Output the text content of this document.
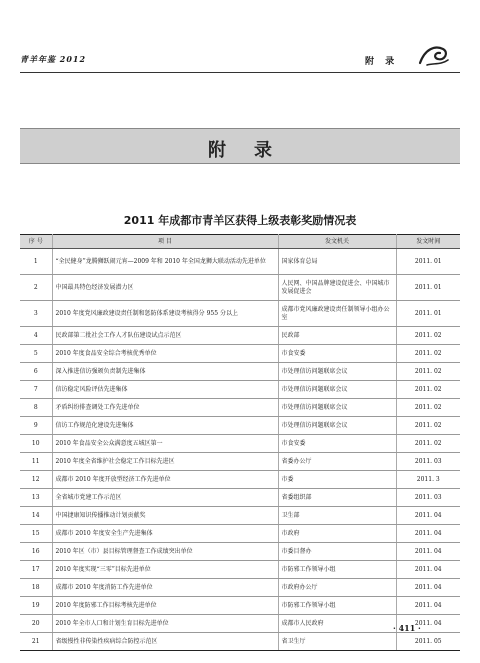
青羊年鉴 2012	附 录
附录
2011 年成都市青羊区获得上级表彰奖励情况表
序 号	项 目	发文机关	发文时间
1	“全民健身”龙腾狮跃闹元宵—2009 年和 2010 年全国龙狮大联动活动先进单位	国家体育总局	2011. 01
2	中国最具特色经济发展潜力区	人民网、中国品牌建设促进会、中国城市发展促进会	2011. 01
3	2010 年度党风廉政建设责任制和惩防体系建设考核得分 955 分以上	成都市党风廉政建设责任制领导小组办公室	2011. 01
4	民政部第二批社会工作人才队伍建设试点示范区	民政部	2011. 02
5	2010 年度食品安全综合考核优秀单位	市食安委	2011. 02
6	深入推进信访强颁负责制先进集体	市处理信访问题联席会议	2011. 02
7	信访稳定风险评估先进集体	市处理信访问题联席会议	2011. 02
8	矛盾纠纷排查调处工作先进单位	市处理信访问题联席会议	2011. 02
9	信访工作规范化建设先进集体	市处理信访问题联席会议	2011. 02
10	2010 年食品安全公众满意度五城区第一	市食安委	2011. 02
11	2010 年度全省维护社会稳定工作目标先进区	省委办公厅	2011. 03
12	成都市 2010 年度开放型经济工作先进单位	市委	2011. 3
13	全省城市党建工作示范区	省委组织部	2011. 03
14	中国捷康知识传播推动计划贡献奖	卫生部	2011. 04
15	成都市 2010 年度安全生产先进集体	市政府	2011. 04
16	2010 年区（市）县目标管理督查工作成绩突出单位	市委目督办	2011. 04
17	2010 年度实现“三零”目标先进单位	市防邪工作领导小组	2011. 04
18	成都市 2010 年度消防工作先进单位	市政府办公厅	2011. 04
19	2010 年度防邪工作目标考核先进单位	市防邪工作领导小组	2011. 04
20	2010 年全市人口和计划生育目标先进单位	成都市人民政府	2011. 04
21	省级慢性非传染性疾病综合防控示范区	省卫生厅	2011. 05
· 411 ·
